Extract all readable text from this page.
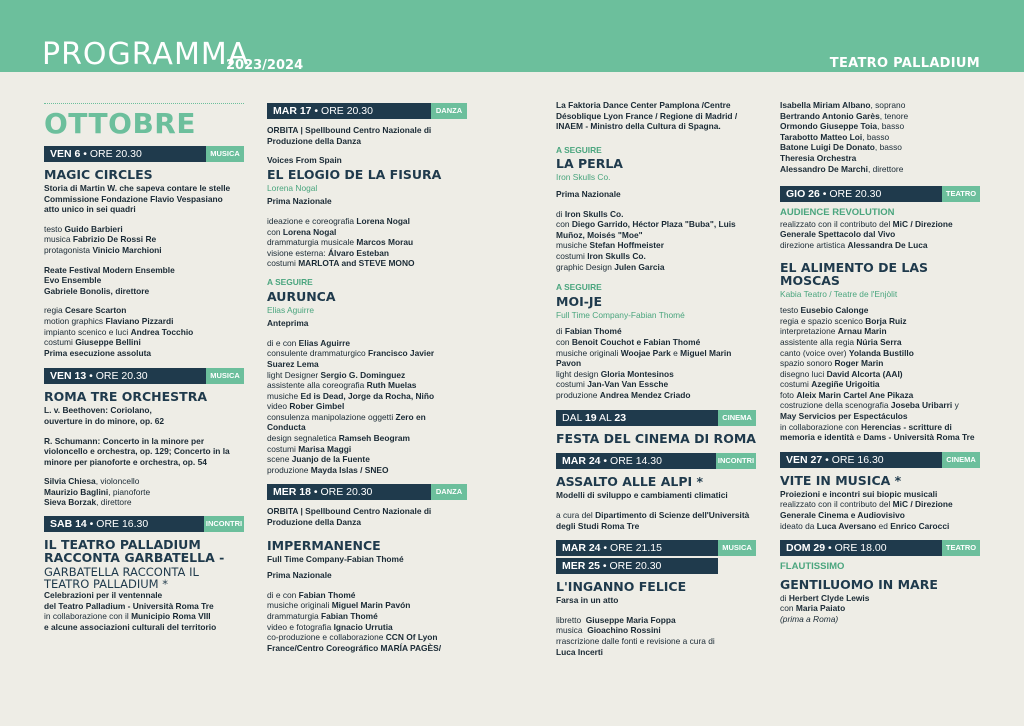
PROGRAMMA
2023/2024	TEATRO PALLADIUM
OTTOBRE
VEN 6 • ORE 20.30	MUSICA
MAGIC CIRCLES

Storia di Martin W. che sapeva contare le stelle

Commissione Fondazione Flavio Vespasiano

atto unico in sei quadri

testo Guido Barbieri

musica Fabrizio De Rossi Re

protagonista Vinicio Marchioni

Reate Festival Modern Ensemble

Evo Ensemble

Gabriele Bonolis, direttore

regia Cesare Scarton

motion graphics Flaviano Pizzardi

impianto scenico e luci Andrea Tocchio

costumi Giuseppe Bellini

Prima esecuzione assoluta

VEN 13 • ORE 20.30	MUSICA
ROMA TRE ORCHESTRA

L. v. Beethoven: Coriolano,

ouverture in do minore, op. 62

R. Schumann: Concerto in la minore per

violoncello e orchestra, op. 129; Concerto in la

minore per pianoforte e orchestra, op. 54

Silvia Chiesa, violoncello

Maurizio Baglini, pianoforte

Sieva Borzak, direttore

SAB 14 • ORE 16.30	INCONTRI
IL TEATRO PALLADIUM
RACCONTA GARBATELLA -
GARBATELLA RACCONTA IL
TEATRO PALLADIUM *

Celebrazioni per il ventennale

del Teatro Palladium - Università Roma Tre

in collaborazione con il Municipio Roma VIII

e alcune associazioni culturali del territorio

MAR 17 • ORE 20.30	DANZA

ORBITA | Spellbound Centro Nazionale di

Produzione della Danza

Voices From Spain

EL ELOGIO DE LA FISURA

Lorena Nogal

Prima Nazionale

ideazione e coreografia Lorena Nogal

con Lorena Nogal

drammaturgia musicale Marcos Morau

visione esterna: Álvaro Esteban

costumi MARLOTA and STEVE MONO

A SEGUIRE

AURUNCA

Elias Aguirre

Anteprima

di e con Elias Aguirre

consulente drammaturgico Francisco Javier

Suarez Lema

light Designer Sergio G. Dominguez

assistente alla coreografia Ruth Muelas

musiche Ed is Dead, Jorge da Rocha, Niño

video Rober Gimbel

consulenza manipolazione oggetti Zero en

Conducta

design segnaletica Ramseh Beogram

costumi Marisa Maggi

scene Juanjo de la Fuente

produzione Mayda Islas / SNEO

MER 18 • ORE 20.30	DANZA

ORBITA | Spellbound Centro Nazionale di

Produzione della Danza

IMPERMANENCE

Full Time Company-Fabian Thomé

Prima Nazionale

di e con Fabian Thomé

musiche originali Miguel Marin Pavón

drammaturgia Fabian Thomé

video e fotografia Ignacio Urrutia

co-produzione e collaborazione CCN Of Lyon

France/Centro Coreográfico MARÍA PAGÈS/

La Faktoria Dance Center Pamplona /Centre

Désoblique Lyon France / Regione di Madrid /

INAEM - Ministro della Cultura di Spagna.

A SEGUIRE

LA PERLA

Iron Skulls Co.

Prima Nazionale

di Iron Skulls Co.

con Diego Garrido, Héctor Plaza "Buba", Luis

Muñoz, Moisés "Moe"

musiche Stefan Hoffmeister

costumi Iron Skulls Co.

graphic Design Julen Garcia

A SEGUIRE

MOI-JE

Full Time Company-Fabian Thomé

di Fabian Thomé

con Benoit Couchot e Fabian Thomé

musiche originali Woojae Park e Miguel Marin

Pavon

light design Gloria Montesinos

costumi Jan-Van Van Essche

produzione Andrea Mendez Criado

DAL 19 AL 23	CINEMA
FESTA DEL CINEMA DI ROMA
MAR 24 • ORE 14.30	INCONTRI
ASSALTO ALLE ALPI *

Modelli di sviluppo e cambiamenti climatici

a cura del Dipartimento di Scienze dell'Università

degli Studi Roma Tre

MAR 24 • ORE 21.15	MUSICA
MER 25 • ORE 20.30
L'INGANNO FELICE

Farsa in un atto

libretto Giuseppe Maria Foppa

musica Gioachino Rossini

rrascrizione dalle fonti e revisione a cura di

Luca Incerti

Isabella Miriam Albano, soprano

Bertrando Antonio Garès, tenore

Ormondo Giuseppe Toia, basso

Tarabotto Matteo Loi, basso

Batone Luigi De Donato, basso

Theresia Orchestra

Alessandro De Marchi, direttore

GIO 26 • ORE 20.30	TEATRO

AUDIENCE REVOLUTION

realizzato con il contributo del MiC / Direzione

Generale Spettacolo dal Vivo

direzione artistica Alessandra De Luca

EL ALIMENTO DE LAS MOSCAS

Kabia Teatro / Teatre de l'Enjòlit

testo Eusebio Calonge

regia e spazio scenico Borja Ruiz

interpretazione Arnau Marin

assistente alla regia Núria Serra

canto (voice over) Yolanda Bustillo

spazio sonoro Roger Marin

disegno luci David Alcorta (AAI)

costumi Azegiñe Urigoitia

foto Aleix Marin Cartel Ane Pikaza

costruzione della scenografia Joseba Uribarri y

May Servicios per Espectáculos

in collaborazione con Herencias - scritture di

memoria e identità e Dams - Università Roma Tre

VEN 27 • ORE 16.30	CINEMA
VITE IN MUSICA *

Proiezioni e incontri sui biopic musicali

realizzato con il contributo del MiC / Direzione

Generale Cinema e Audiovisivo

ideato da Luca Aversano ed Enrico Carocci

DOM 29 • ORE 18.00	TEATRO

FLAUTISSIMO

GENTILUOMO IN MARE

di Herbert Clyde Lewis

con Maria Paiato

(prima a Roma)
